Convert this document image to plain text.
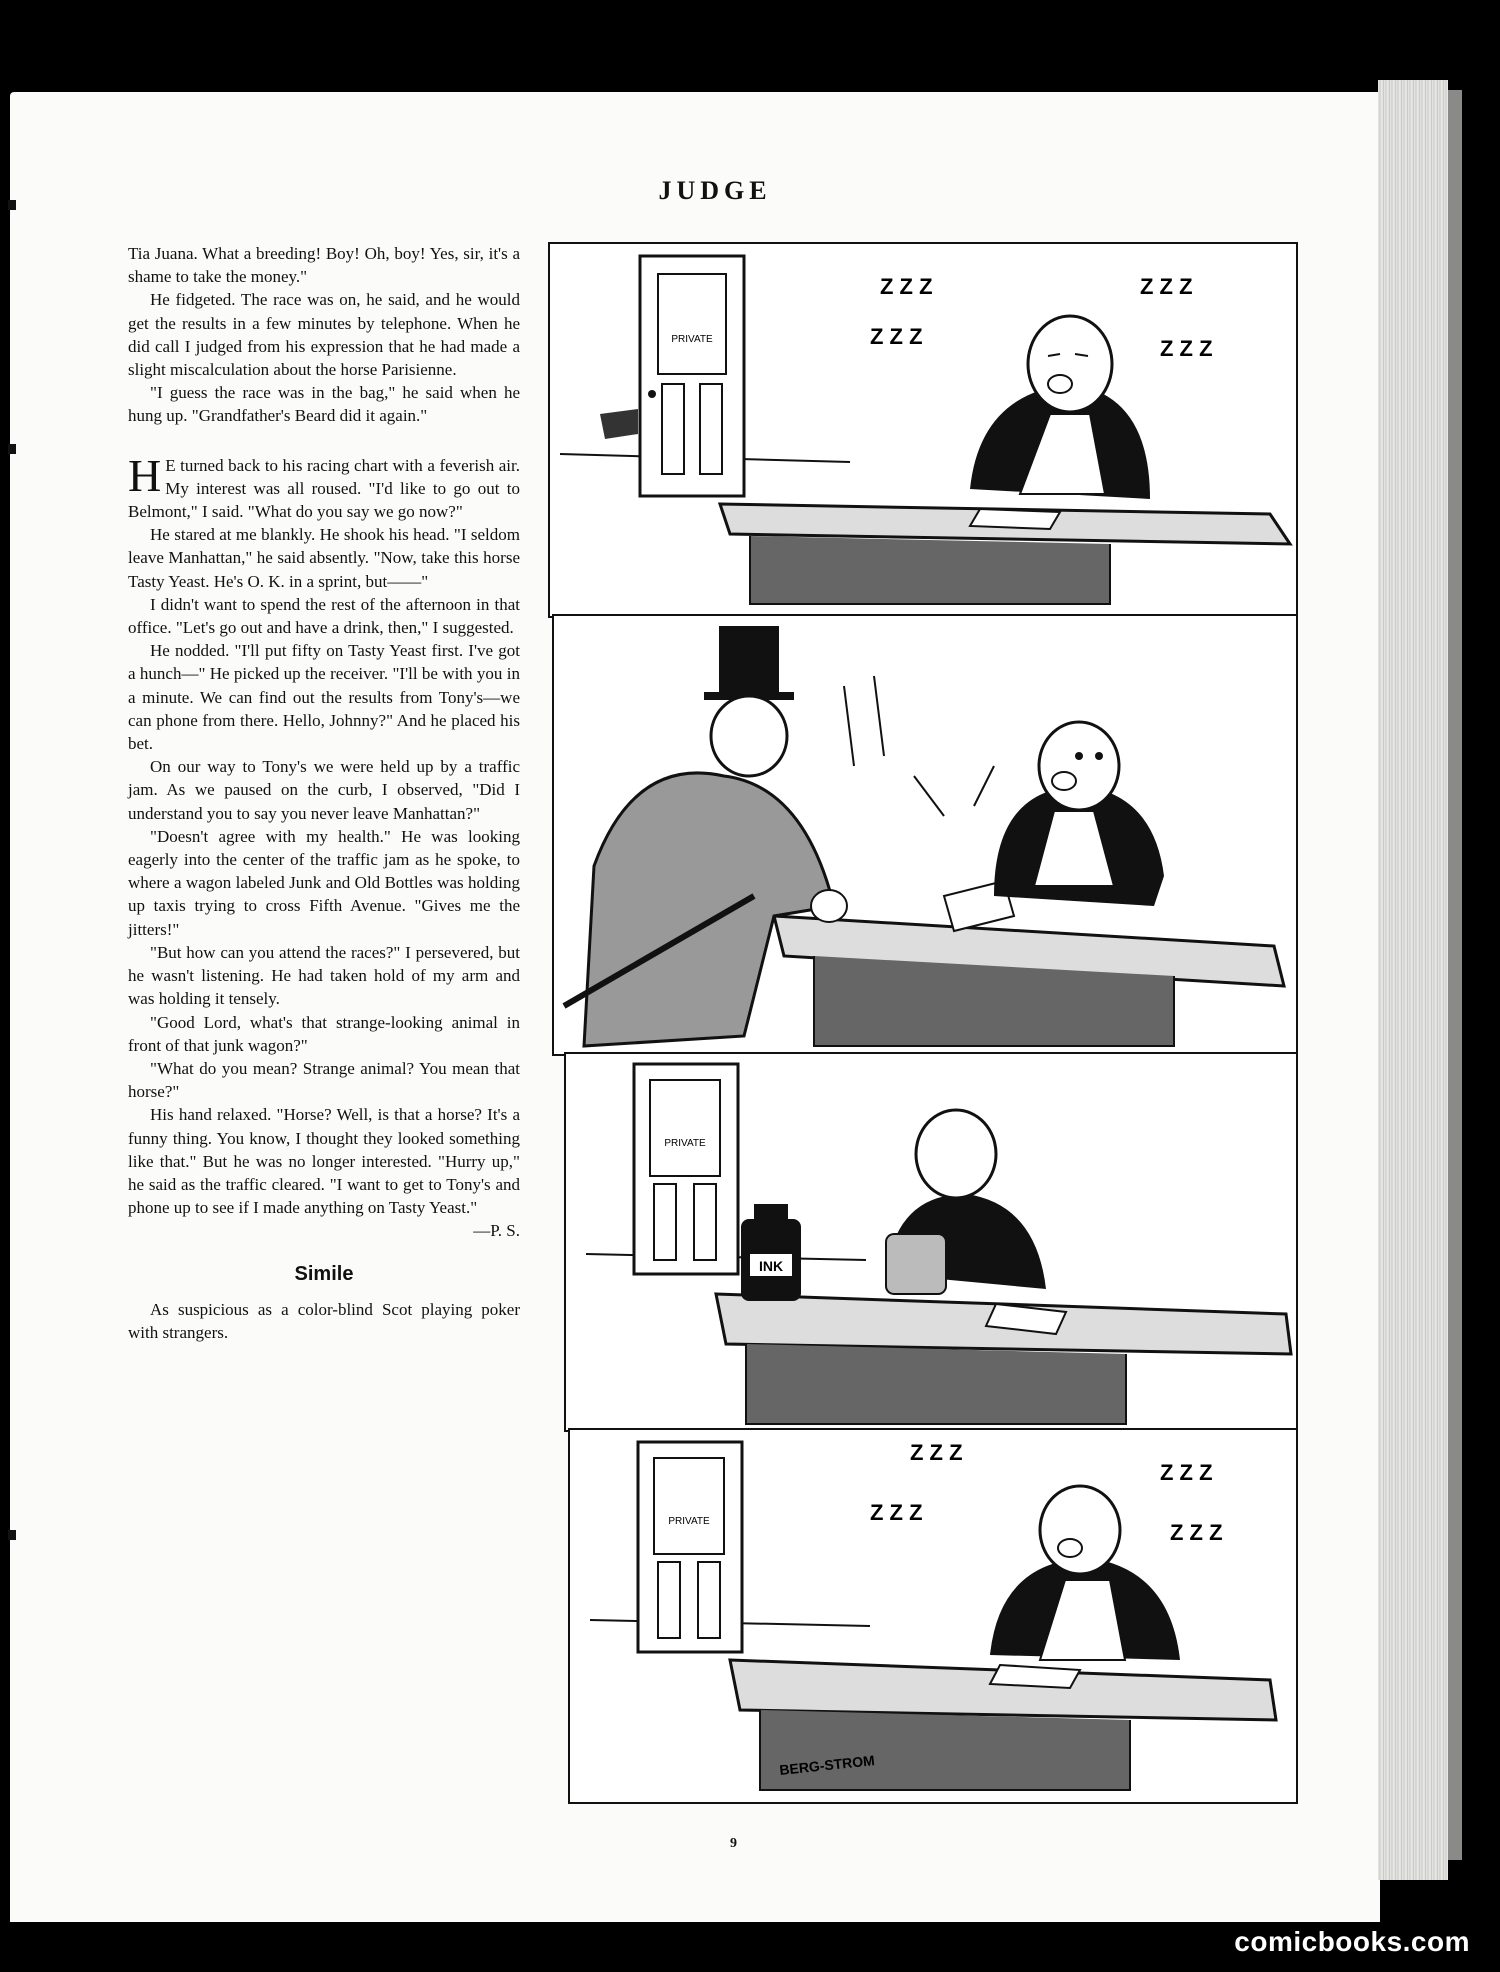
JUDGE

Tia Juana. What a breeding! Boy! Oh, boy! Yes, sir, it's a shame to take the money."

He fidgeted. The race was on, he said, and he would get the results in a few minutes by telephone. When he did call I judged from his expression that he had made a slight miscalculation about the horse Parisienne.

"I guess the race was in the bag," he said when he hung up. "Grandfather's Beard did it again."

H E turned back to his racing chart with a feverish air. My interest was all roused. "I'd like to go out to Belmont," I said. "What do you say we go now?"

He stared at me blankly. He shook his head. "I seldom leave Manhattan," he said absently. "Now, take this horse Tasty Yeast. He's O. K. in a sprint, but——"

I didn't want to spend the rest of the afternoon in that office. "Let's go out and have a drink, then," I suggested.

He nodded. "I'll put fifty on Tasty Yeast first. I've got a hunch—" He picked up the receiver. "I'll be with you in a minute. We can find out the results from Tony's—we can phone from there. Hello, Johnny?" And he placed his bet.

On our way to Tony's we were held up by a traffic jam. As we paused on the curb, I observed, "Did I understand you to say you never leave Manhattan?"

"Doesn't agree with my health." He was looking eagerly into the center of the traffic jam as he spoke, to where a wagon labeled Junk and Old Bottles was holding up taxis trying to cross Fifth Avenue. "Gives me the jitters!"

"But how can you attend the races?" I persevered, but he wasn't listening. He had taken hold of my arm and was holding it tensely.

"Good Lord, what's that strange-looking animal in front of that junk wagon?"

"What do you mean? Strange animal? You mean that horse?"

His hand relaxed. "Horse? Well, is that a horse? It's a funny thing. You know, I thought they looked something like that." But he was no longer interested. "Hurry up," he said as the traffic cleared. "I want to get to Tony's and phone up to see if I made anything on Tasty Yeast."

—P. S.

Simile

As suspicious as a color-blind Scot playing poker with strangers.

PRIVATE
Z Z Z	Z Z Z
Z Z Z
Z Z Z
PRIVATE
INK
PRIVATE
Z Z Z
Z Z Z
Z Z Z
Z Z Z
BERG-STROM
9
comicbooks.com
